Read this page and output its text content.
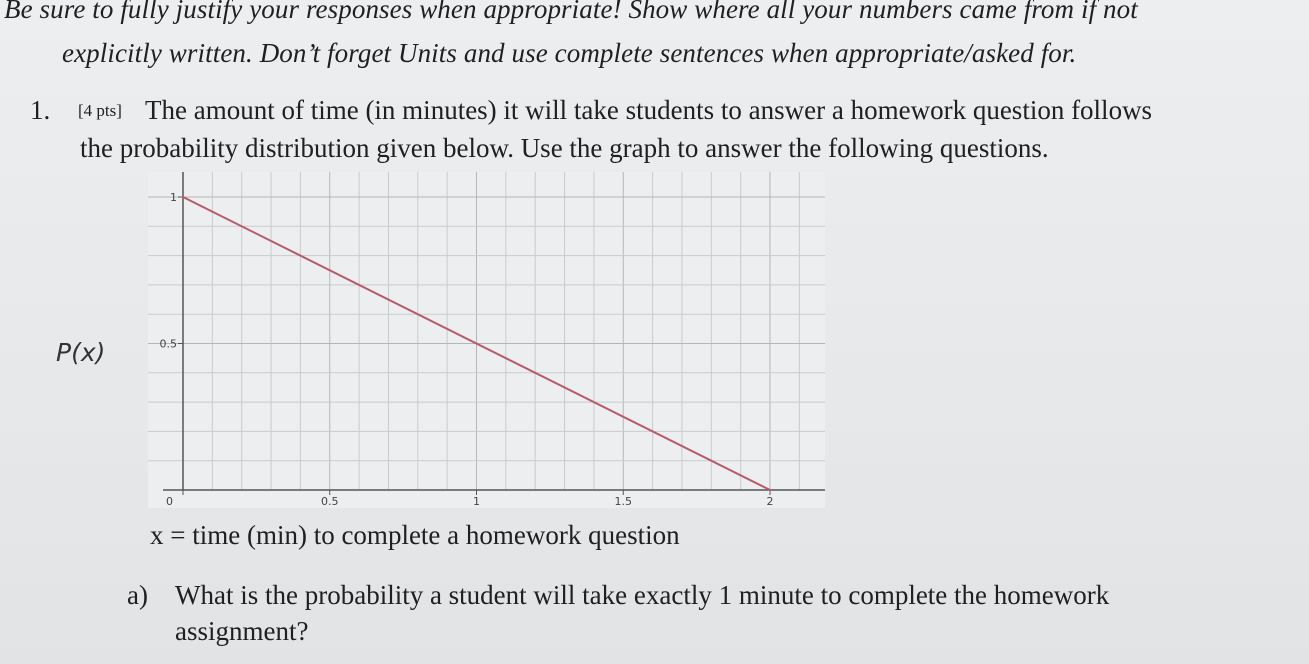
Be sure to fully justify your responses when appropriate! Show where all your numbers came from if not
explicitly written. Don’t forget Units and use complete sentences when appropriate/asked for.
1. [4 pts] The amount of time (in minutes) it will take students to answer a homework question follows
the probability distribution given below. Use the graph to answer the following questions.
0	0.5	1	1.5	2
0.5
1
P(x)
x = time (min) to complete a homework question
a) What is the probability a student will take exactly 1 minute to complete the homework
assignment?
